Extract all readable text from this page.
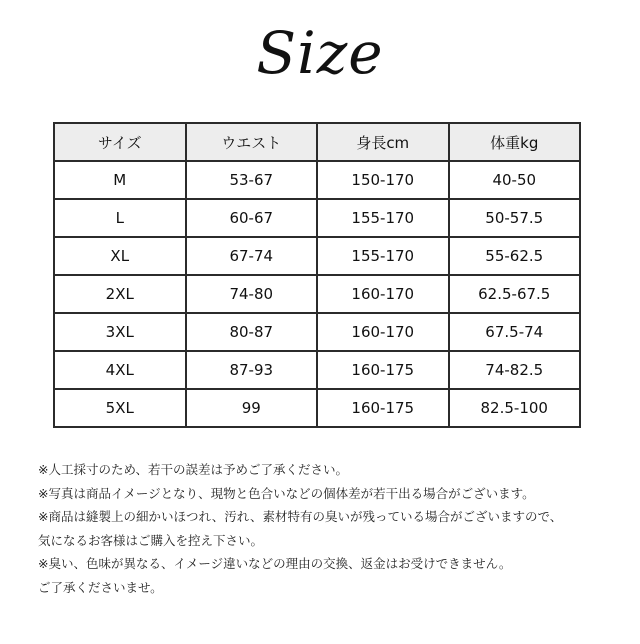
Size
サイズ	ウエスト	身長cm	体重kg
M	53-67	150-170	40-50
L	60-67	155-170	50-57.5
XL	67-74	155-170	55-62.5
2XL	74-80	160-170	62.5-67.5
3XL	80-87	160-170	67.5-74
4XL	87-93	160-175	74-82.5
5XL	99	160-175	82.5-100
※人工採寸のため、若干の誤差は予めご了承ください。
※写真は商品イメージとなり、現物と色合いなどの個体差が若干出る場合がございます。
※商品は縫製上の細かいほつれ、汚れ、素材特有の臭いが残っている場合がございますので、
気になるお客様はご購入を控え下さい。
※臭い、色味が異なる、イメージ違いなどの理由の交換、返金はお受けできません。
ご了承くださいませ。
